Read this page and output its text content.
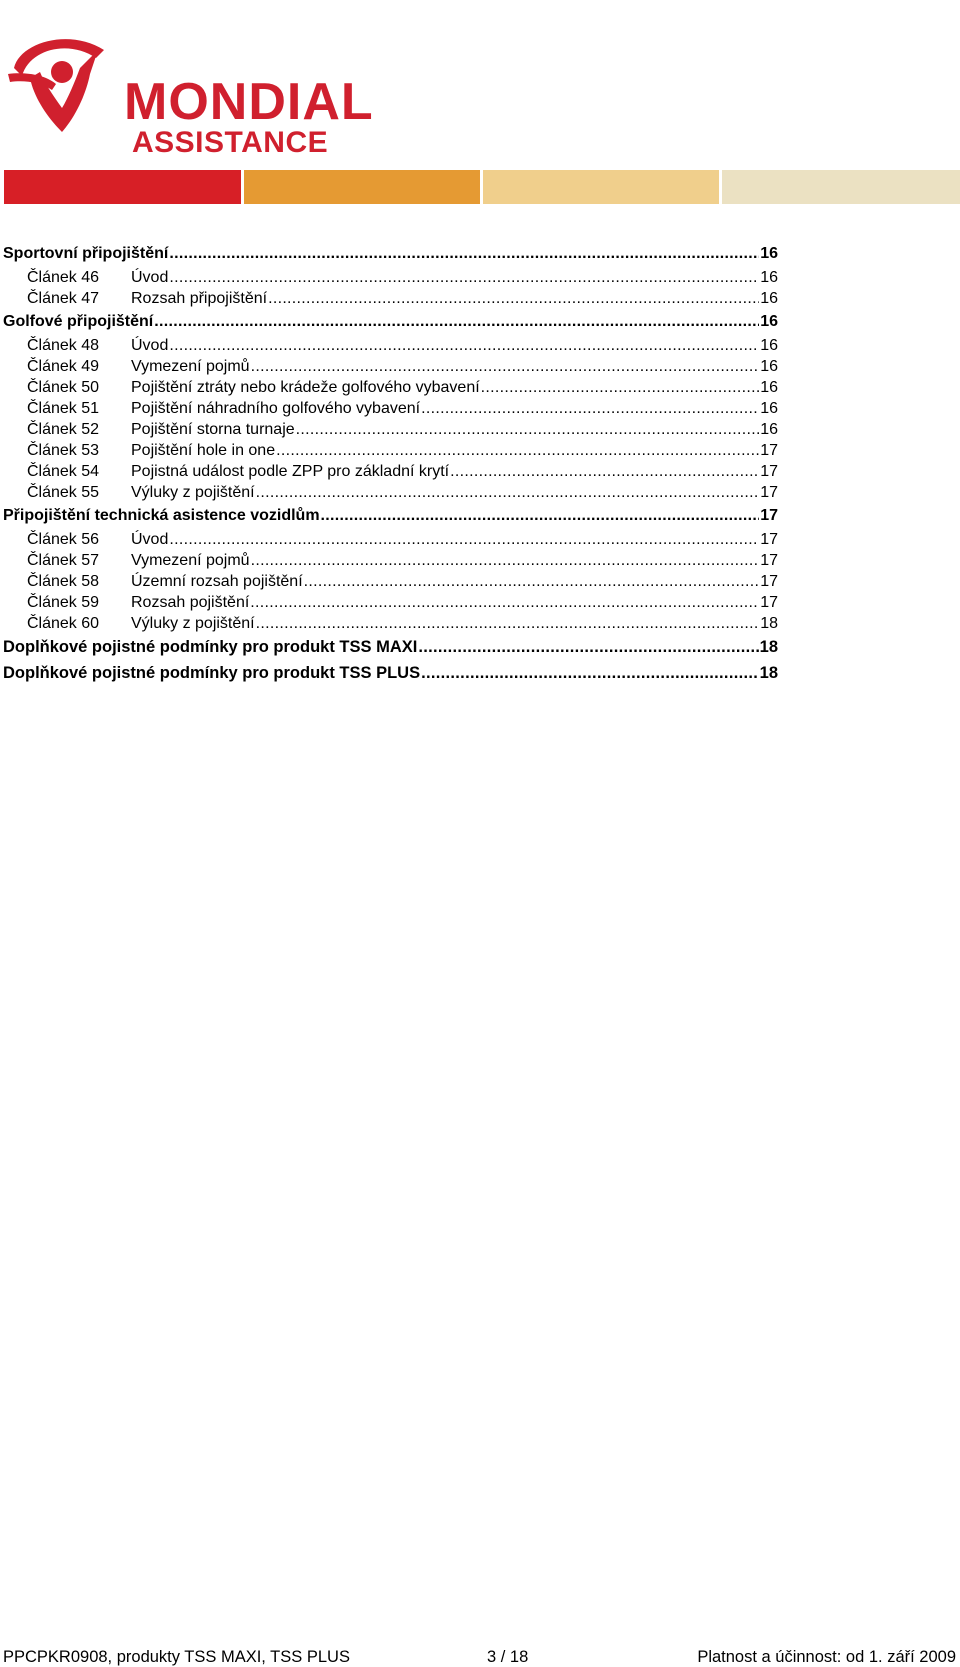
MONDIAL
ASSISTANCE
Sportovní připojištění .....	16
Článek 46	Úvod .....	16
Článek 47	Rozsah připojištění .....	16
Golfové připojištění .....	16
Článek 48	Úvod .....	16
Článek 49	Vymezení pojmů .....	16
Článek 50	Pojištění ztráty nebo krádeže golfového vybavení .....	16
Článek 51	Pojištění náhradního golfového vybavení .....	16
Článek 52	Pojištění storna turnaje .....	16
Článek 53	Pojištění hole in one .....	17
Článek 54	Pojistná událost podle ZPP pro základní krytí .....	17
Článek 55	Výluky z pojištění .....	17
Připojištění technická asistence vozidlům .....	17
Článek 56	Úvod .....	17
Článek 57	Vymezení pojmů .....	17
Článek 58	Územní rozsah pojištění .....	17
Článek 59	Rozsah pojištění .....	17
Článek 60	Výluky z pojištění .....	18
Doplňkové pojistné podmínky pro produkt TSS MAXI .....	18
Doplňkové pojistné podmínky pro produkt TSS PLUS .....	18
PPCPKR0908, produkty TSS MAXI, TSS PLUS	3 / 18	Platnost a účinnost: od 1. září 2009
